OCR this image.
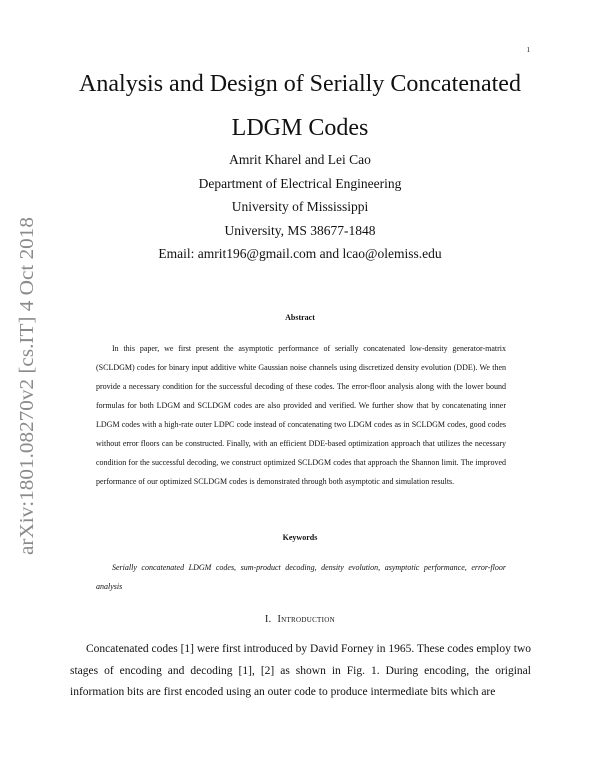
1
arXiv:1801.08270v2 [cs.IT] 4 Oct 2018
Analysis and Design of Serially Concatenated
LDGM Codes
Amrit Kharel and Lei Cao
Department of Electrical Engineering
University of Mississippi
University, MS 38677-1848
Email: amrit196@gmail.com and lcao@olemiss.edu
Abstract

In this paper, we first present the asymptotic performance of serially concatenated low-density generator-matrix (SCLDGM) codes for binary input additive white Gaussian noise channels using discretized density evolution (DDE). We then provide a necessary condition for the successful decoding of these codes. The error-floor analysis along with the lower bound formulas for both LDGM and SCLDGM codes are also provided and verified. We further show that by concatenating inner LDGM codes with a high-rate outer LDPC code instead of concatenating two LDGM codes as in SCLDGM codes, good codes without error floors can be constructed. Finally, with an efficient DDE-based optimization approach that utilizes the necessary condition for the successful decoding, we construct optimized SCLDGM codes that approach the Shannon limit. The improved performance of our optimized SCLDGM codes is demonstrated through both asymptotic and simulation results.

Keywords

Serially concatenated LDGM codes, sum-product decoding, density evolution, asymptotic performance, error-floor analysis

I. Introduction

Concatenated codes [1] were first introduced by David Forney in 1965. These codes employ two stages of encoding and decoding [1], [2] as shown in Fig. 1. During encoding, the original information bits are first encoded using an outer code to produce intermediate bits which are
